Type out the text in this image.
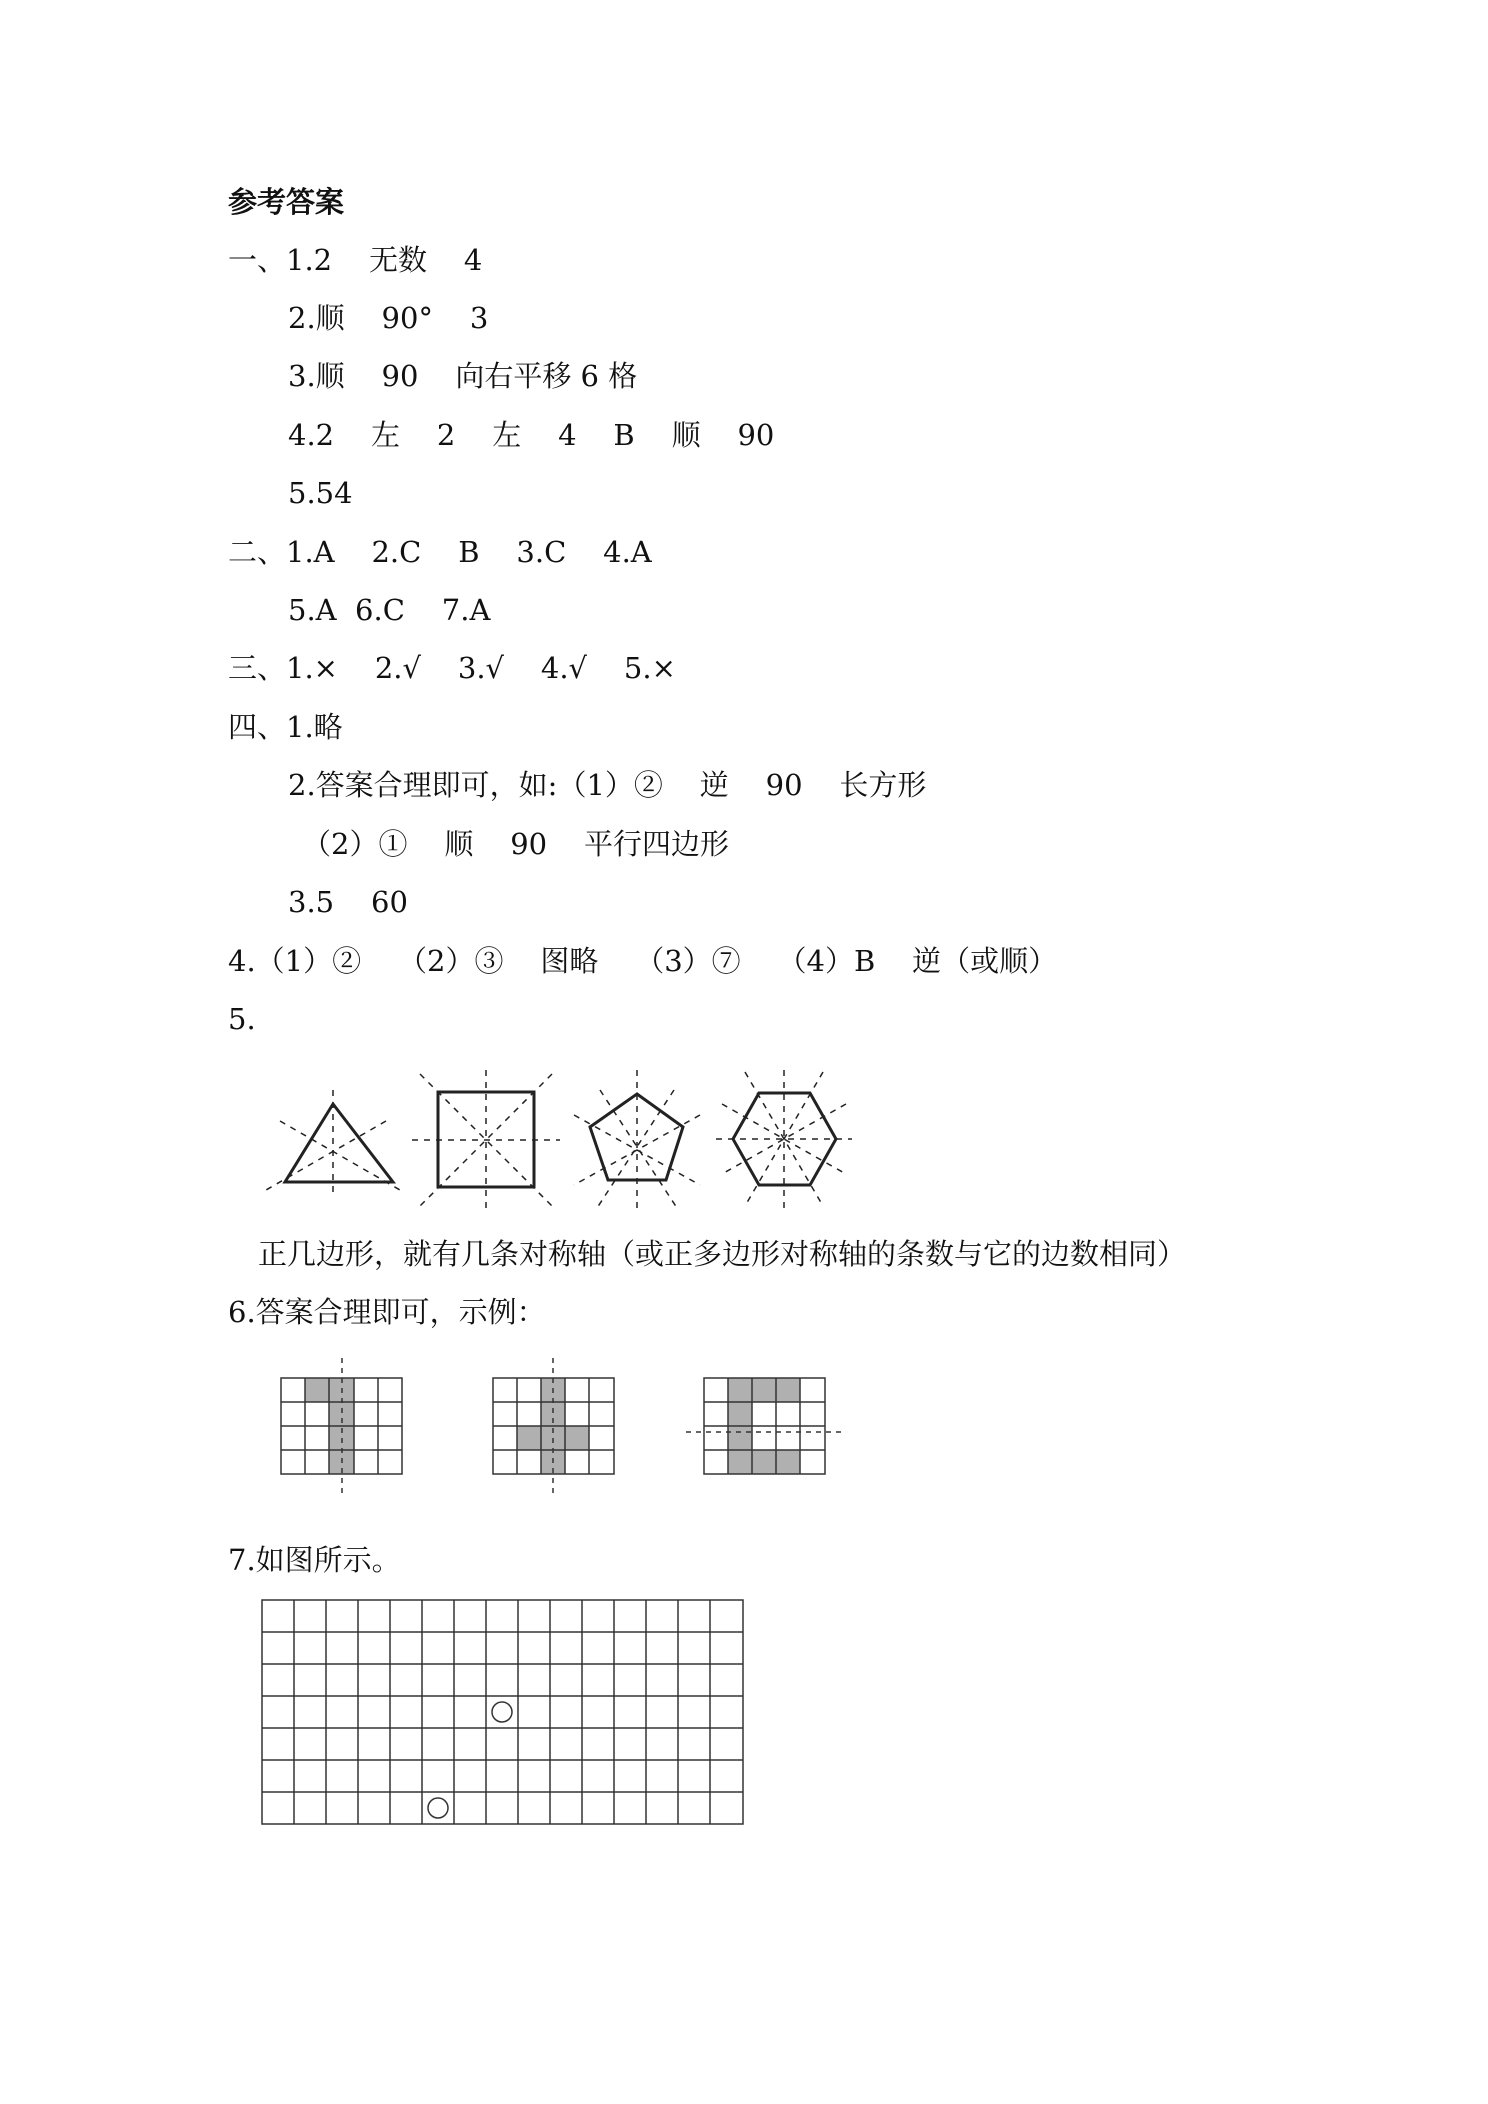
参考答案
一、1.2    无数    4
2.顺    90°    3
3.顺    90    向右平移 6 格
4.2    左    2    左    4    B    顺    90
5.54
二、1.A    2.C    B    3.C    4.A
5.A  6.C    7.A
三、1.×    2.√    3.√    4.√    5.×
四、1.略
2.答案合理即可，如:（1）②    逆    90    长方形
（2）①    顺    90    平行四边形
3.5    60
4.（1）②    （2）③    图略    （3）⑦    （4）B    逆（或顺）
5.
正几边形，就有几条对称轴（或正多边形对称轴的条数与它的边数相同）
6.答案合理即可，示例：
7.如图所示。
